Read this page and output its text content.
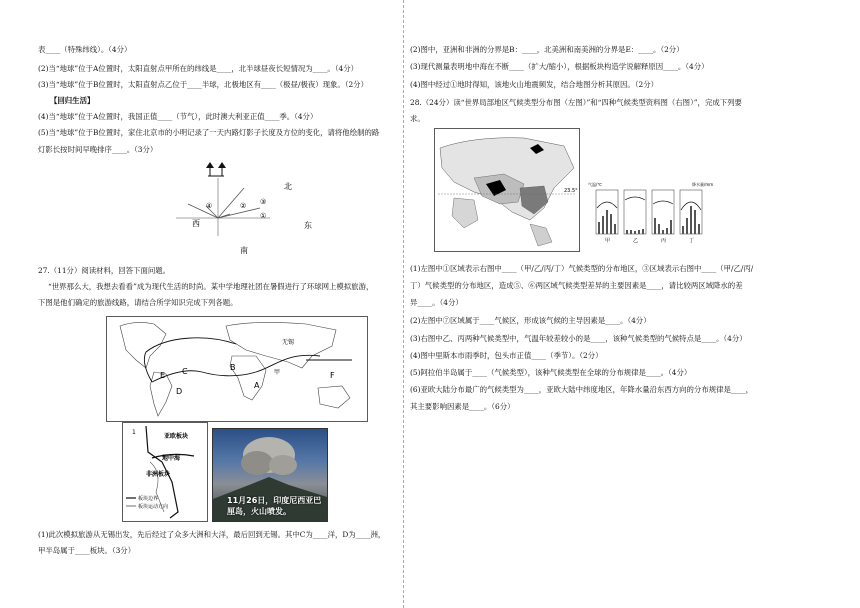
表____（特殊纬线）。（4分）
(2)当“地球”位于A位置时，太阳直射点甲所在的纬线是____，北半球昼夜长短情况为____。（4分）
(3)当“地球”位于B位置时，太阳直射点乙位于____半球，北极地区有____（极昼/极夜）现象。（2分）
【回归生活】
(4)当“地球”位于A位置时，我国正值____（节气），此时澳大利亚正值____季。（4分）
(5)当“地球”位于B位置时，家住北京市的小明记录了一天内路灯影子长度及方位的变化，请将他绘制的路
灯影长按时间早晚排序____。（3分）
北
南
东
西
①
② ③
④
27.（11分）阅读材料，回答下面问题。
“世界那么大，我想去看看”成为现代生活的时尚。某中学地理社团在暑假进行了环球网上模拟旅游，
下图是他们确定的旅游线路，请结合所学知识完成下列各题。
无锡
A
B
C
D
E	F
甲
亚欧板块
地中海
非洲板块
1
板块边界
板块运动方向
11月26日，印度尼西亚巴厘岛，火山喷发。
(1)此次模拟旅游从无锡出发，先后经过了众多大洲和大洋，最后回到无锡。其中C为____洋，D为____洲，
甲半岛属于____板块。（3分）
(2)图中，亚洲和非洲的分界是B：____，北美洲和南美洲的分界是E：____。（2分）
(3)现代测量表明地中海在不断____（扩大/缩小），根据板块构造学说解释原因____。（4分）
(4)图中经过①地时得知，该地火山地震频发，结合地图分析其原因。（2分）
28.（24分）读“世界局部地区气候类型分布图（左图）”和“四种气候类型资料图（右图）”，完成下列要
求。
23.5°
气温/℃	降水量/mm
甲	乙	丙	丁
(1)左图中①区域表示右图中____（甲/乙/丙/丁）气候类型的分布地区，③区域表示右图中____（甲/乙/丙/
丁）气候类型的分布地区，造成⑤、⑥两区域气候类型差异的主要因素是____，请比较两区域降水的差
异____。（4分）
(2)左图中⑦区域属于____气候区，形成该气候的主导因素是____。（4分）
(3)右图中乙、丙两种气候类型中，气温年较差较小的是____，该种气候类型的气候特点是____。（4分）
(4)图中里斯本市雨季时，包头市正值____（季节）。（2分）
(5)阿拉伯半岛属于____（气候类型），该种气候类型在全球的分布规律是____。（4分）
(6)亚欧大陆分布最广的气候类型为____，亚欧大陆中纬度地区，年降水量沿东西方向的分布规律是____，
其主要影响因素是____。（6分）
